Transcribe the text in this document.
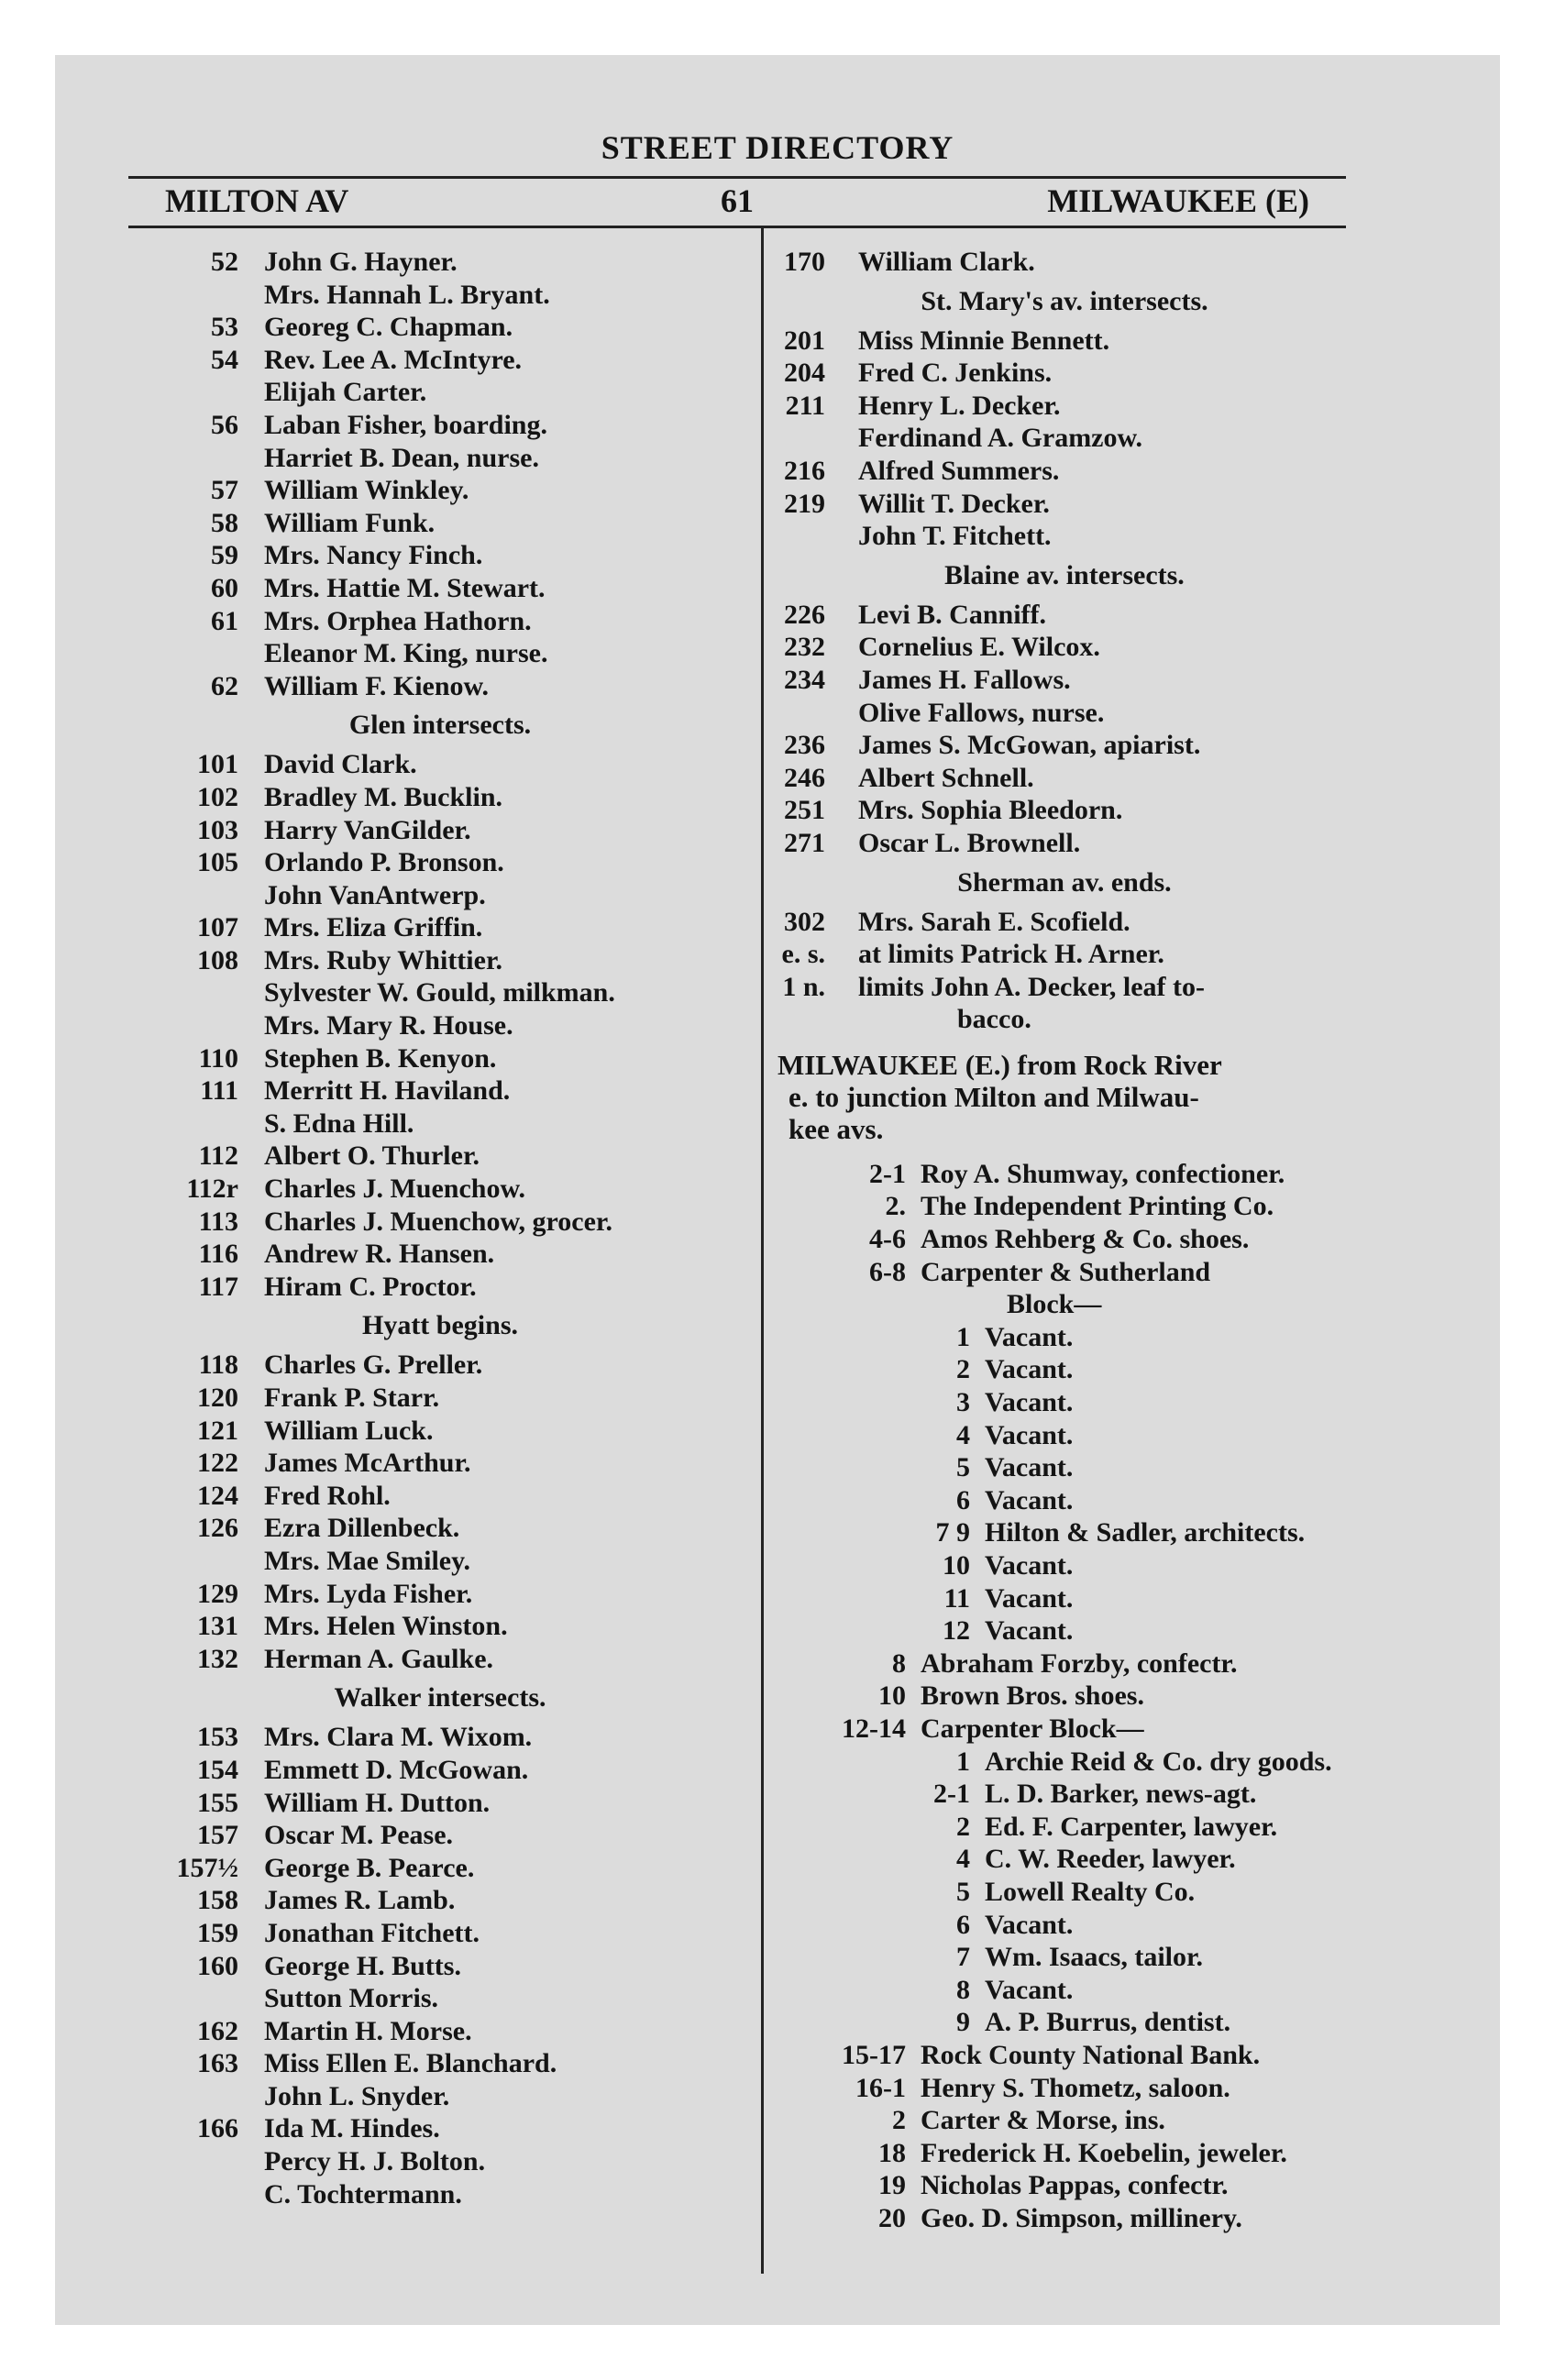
STREET DIRECTORY
MILTON AV	61	MILWAUKEE (E)
52 John G. Hayner.
Mrs. Hannah L. Bryant.
53 Georeg C. Chapman.
54 Rev. Lee A. McIntyre.
Elijah Carter.
56 Laban Fisher, boarding.
Harriet B. Dean, nurse.
57 William Winkley.
58 William Funk.
59 Mrs. Nancy Finch.
60 Mrs. Hattie M. Stewart.
61 Mrs. Orphea Hathorn.
Eleanor M. King, nurse.
62 William F. Kienow.
Glen intersects.
101 David Clark.
102 Bradley M. Bucklin.
103 Harry VanGilder.
105 Orlando P. Bronson.
John VanAntwerp.
107 Mrs. Eliza Griffin.
108 Mrs. Ruby Whittier.
Sylvester W. Gould, milkman.
Mrs. Mary R. House.
110 Stephen B. Kenyon.
111 Merritt H. Haviland.
S. Edna Hill.
112 Albert O. Thurler.
112r Charles J. Muenchow.
113 Charles J. Muenchow, grocer.
116 Andrew R. Hansen.
117 Hiram C. Proctor.
Hyatt begins.
118 Charles G. Preller.
120 Frank P. Starr.
121 William Luck.
122 James McArthur.
124 Fred Rohl.
126 Ezra Dillenbeck.
Mrs. Mae Smiley.
129 Mrs. Lyda Fisher.
131 Mrs. Helen Winston.
132 Herman A. Gaulke.
Walker intersects.
153 Mrs. Clara M. Wixom.
154 Emmett D. McGowan.
155 William H. Dutton.
157 Oscar M. Pease.
157½ George B. Pearce.
158 James R. Lamb.
159 Jonathan Fitchett.
160 George H. Butts.
Sutton Morris.
162 Martin H. Morse.
163 Miss Ellen E. Blanchard.
John L. Snyder.
166 Ida M. Hindes.
Percy H. J. Bolton.
C. Tochtermann.
170 William Clark.
St. Mary's av. intersects.
201 Miss Minnie Bennett.
204 Fred C. Jenkins.
211 Henry L. Decker.
Ferdinand A. Gramzow.
216 Alfred Summers.
219 Willit T. Decker.
John T. Fitchett.
Blaine av. intersects.
226 Levi B. Canniff.
232 Cornelius E. Wilcox.
234 James H. Fallows.
Olive Fallows, nurse.
236 James S. McGowan, apiarist.
246 Albert Schnell.
251 Mrs. Sophia Bleedorn.
271 Oscar L. Brownell.
Sherman av. ends.
302 Mrs. Sarah E. Scofield.
e. s. at limits Patrick H. Arner.
1 n. limits John A. Decker, leaf to-
bacco.
MILWAUKEE (E.) from Rock River
e. to junction Milton and Milwau-
kee avs.
2-1 Roy A. Shumway, confectioner.
2. The Independent Printing Co.
4-6 Amos Rehberg & Co. shoes.
6-8 Carpenter & Sutherland
Block—
1 Vacant.
2 Vacant.
3 Vacant.
4 Vacant.
5 Vacant.
6 Vacant.
7 9 Hilton & Sadler, architects.
10 Vacant.
11 Vacant.
12 Vacant.
8 Abraham Forzby, confectr.
10 Brown Bros. shoes.
12-14 Carpenter Block—
1 Archie Reid & Co. dry goods.
2-1 L. D. Barker, news-agt.
2 Ed. F. Carpenter, lawyer.
4 C. W. Reeder, lawyer.
5 Lowell Realty Co.
6 Vacant.
7 Wm. Isaacs, tailor.
8 Vacant.
9 A. P. Burrus, dentist.
15-17 Rock County National Bank.
16-1 Henry S. Thometz, saloon.
2 Carter & Morse, ins.
18 Frederick H. Koebelin, jeweler.
19 Nicholas Pappas, confectr.
20 Geo. D. Simpson, millinery.
